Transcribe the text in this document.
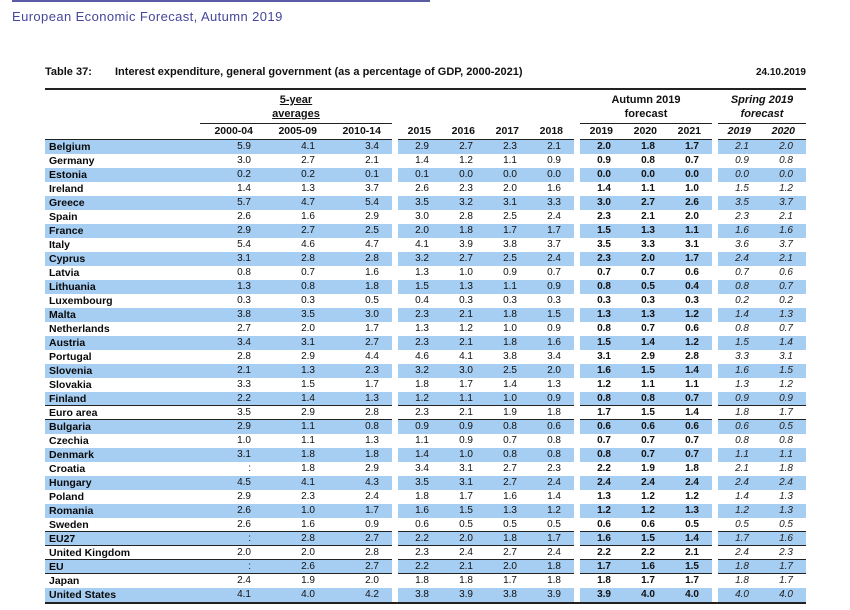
European Economic Forecast, Autumn 2019
Table 37:	Interest expenditure, general government (as a percentage of GDP, 2000-2021)	24.10.2019
5-year
averages
Autumn 2019
forecast
Spring 2019
forecast
2000-04	2005-09	2010-14	2015	2016	2017	2018	2019	2020	2021	2019	2020
Belgium	5.9	4.1	3.4	2.9	2.7	2.3	2.1	2.0	1.8	1.7	2.1	2.0
Germany	3.0	2.7	2.1	1.4	1.2	1.1	0.9	0.9	0.8	0.7	0.9	0.8
Estonia	0.2	0.2	0.1	0.1	0.0	0.0	0.0	0.0	0.0	0.0	0.0	0.0
Ireland	1.4	1.3	3.7	2.6	2.3	2.0	1.6	1.4	1.1	1.0	1.5	1.2
Greece	5.7	4.7	5.4	3.5	3.2	3.1	3.3	3.0	2.7	2.6	3.5	3.7
Spain	2.6	1.6	2.9	3.0	2.8	2.5	2.4	2.3	2.1	2.0	2.3	2.1
France	2.9	2.7	2.5	2.0	1.8	1.7	1.7	1.5	1.3	1.1	1.6	1.6
Italy	5.4	4.6	4.7	4.1	3.9	3.8	3.7	3.5	3.3	3.1	3.6	3.7
Cyprus	3.1	2.8	2.8	3.2	2.7	2.5	2.4	2.3	2.0	1.7	2.4	2.1
Latvia	0.8	0.7	1.6	1.3	1.0	0.9	0.7	0.7	0.7	0.6	0.7	0.6
Lithuania	1.3	0.8	1.8	1.5	1.3	1.1	0.9	0.8	0.5	0.4	0.8	0.7
Luxembourg	0.3	0.3	0.5	0.4	0.3	0.3	0.3	0.3	0.3	0.3	0.2	0.2
Malta	3.8	3.5	3.0	2.3	2.1	1.8	1.5	1.3	1.3	1.2	1.4	1.3
Netherlands	2.7	2.0	1.7	1.3	1.2	1.0	0.9	0.8	0.7	0.6	0.8	0.7
Austria	3.4	3.1	2.7	2.3	2.1	1.8	1.6	1.5	1.4	1.2	1.5	1.4
Portugal	2.8	2.9	4.4	4.6	4.1	3.8	3.4	3.1	2.9	2.8	3.3	3.1
Slovenia	2.1	1.3	2.3	3.2	3.0	2.5	2.0	1.6	1.5	1.4	1.6	1.5
Slovakia	3.3	1.5	1.7	1.8	1.7	1.4	1.3	1.2	1.1	1.1	1.3	1.2
Finland	2.2	1.4	1.3	1.2	1.1	1.0	0.9	0.8	0.8	0.7	0.9	0.9
Euro area	3.5	2.9	2.8	2.3	2.1	1.9	1.8	1.7	1.5	1.4	1.8	1.7
Bulgaria	2.9	1.1	0.8	0.9	0.9	0.8	0.6	0.6	0.6	0.6	0.6	0.5
Czechia	1.0	1.1	1.3	1.1	0.9	0.7	0.8	0.7	0.7	0.7	0.8	0.8
Denmark	3.1	1.8	1.8	1.4	1.0	0.8	0.8	0.8	0.7	0.7	1.1	1.1
Croatia	:	1.8	2.9	3.4	3.1	2.7	2.3	2.2	1.9	1.8	2.1	1.8
Hungary	4.5	4.1	4.3	3.5	3.1	2.7	2.4	2.4	2.4	2.4	2.4	2.4
Poland	2.9	2.3	2.4	1.8	1.7	1.6	1.4	1.3	1.2	1.2	1.4	1.3
Romania	2.6	1.0	1.7	1.6	1.5	1.3	1.2	1.2	1.2	1.3	1.2	1.3
Sweden	2.6	1.6	0.9	0.6	0.5	0.5	0.5	0.6	0.6	0.5	0.5	0.5
EU27	:	2.8	2.7	2.2	2.0	1.8	1.7	1.6	1.5	1.4	1.7	1.6
United Kingdom	2.0	2.0	2.8	2.3	2.4	2.7	2.4	2.2	2.2	2.1	2.4	2.3
EU	:	2.6	2.7	2.2	2.1	2.0	1.8	1.7	1.6	1.5	1.8	1.7
Japan	2.4	1.9	2.0	1.8	1.8	1.7	1.8	1.8	1.7	1.7	1.8	1.7
United States	4.1	4.0	4.2	3.8	3.9	3.8	3.9	3.9	4.0	4.0	4.0	4.0
